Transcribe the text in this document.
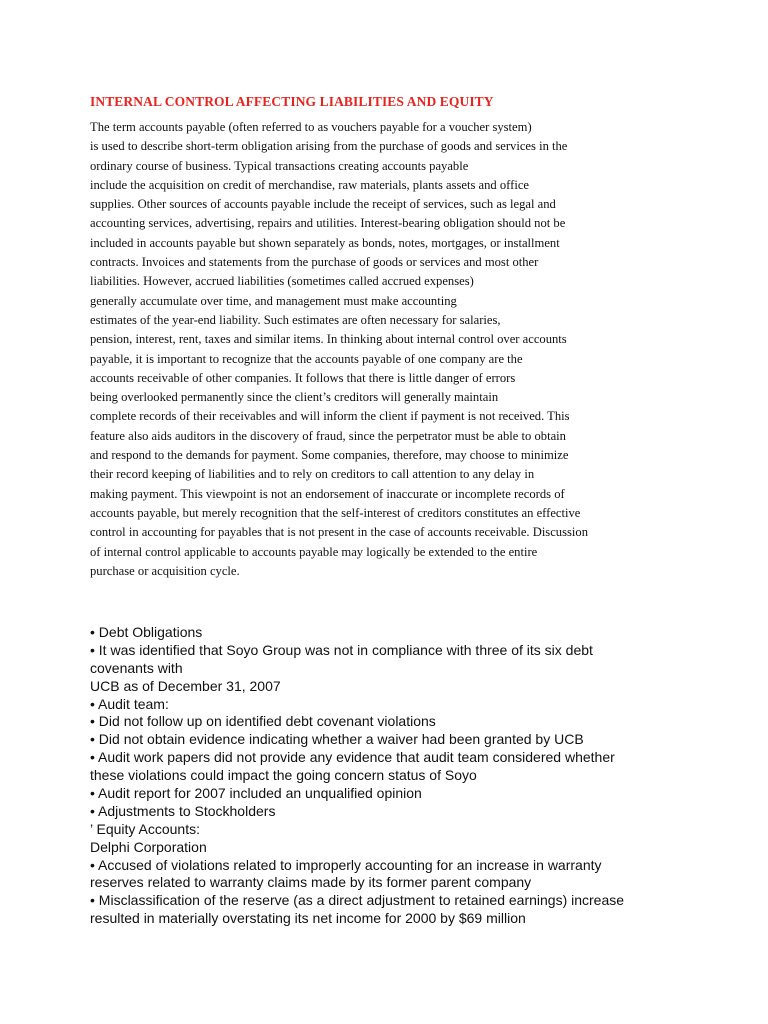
INTERNAL CONTROL AFFECTING LIABILITIES AND EQUITY
The term accounts payable (often referred to as vouchers payable for a voucher system)
is used to describe short-term obligation arising from the purchase of goods and services in the
ordinary course of business. Typical transactions creating accounts payable
include the acquisition on credit of merchandise, raw materials, plants assets and office
supplies. Other sources of accounts payable include the receipt of services, such as legal and
accounting services, advertising, repairs and utilities. Interest-bearing obligation should not be
included in accounts payable but shown separately as bonds, notes, mortgages, or installment
contracts. Invoices and statements from the purchase of goods or services and most other
liabilities. However, accrued liabilities (sometimes called accrued expenses)
generally accumulate over time, and management must make accounting
estimates of the year-end liability. Such estimates are often necessary for salaries,
pension, interest, rent, taxes and similar items. In thinking about internal control over accounts
payable, it is important to recognize that the accounts payable of one company are the
accounts receivable of other companies. It follows that there is little danger of errors
being overlooked permanently since the client’s creditors will generally maintain
complete records of their receivables and will inform the client if payment is not received. This
feature also aids auditors in the discovery of fraud, since the perpetrator must be able to obtain
and respond to the demands for payment. Some companies, therefore, may choose to minimize
their record keeping of liabilities and to rely on creditors to call attention to any delay in
making payment. This viewpoint is not an endorsement of inaccurate or incomplete records of
accounts payable, but merely recognition that the self-interest of creditors constitutes an effective
control in accounting for payables that is not present in the case of accounts receivable. Discussion
of internal control applicable to accounts payable may logically be extended to the entire
purchase or acquisition cycle.
• Debt Obligations
• It was identified that Soyo Group was not in compliance with three of its six debt
covenants with
UCB as of December 31, 2007
• Audit team:
• Did not follow up on identified debt covenant violations
• Did not obtain evidence indicating whether a waiver had been granted by UCB
• Audit work papers did not provide any evidence that audit team considered whether
these violations could impact the going concern status of Soyo
• Audit report for 2007 included an unqualified opinion
• Adjustments to Stockholders
’ Equity Accounts:
Delphi Corporation
• Accused of violations related to improperly accounting for an increase in warranty
reserves related to warranty claims made by its former parent company
• Misclassification of the reserve (as a direct adjustment to retained earnings) increase
resulted in materially overstating its net income for 2000 by $69 million
